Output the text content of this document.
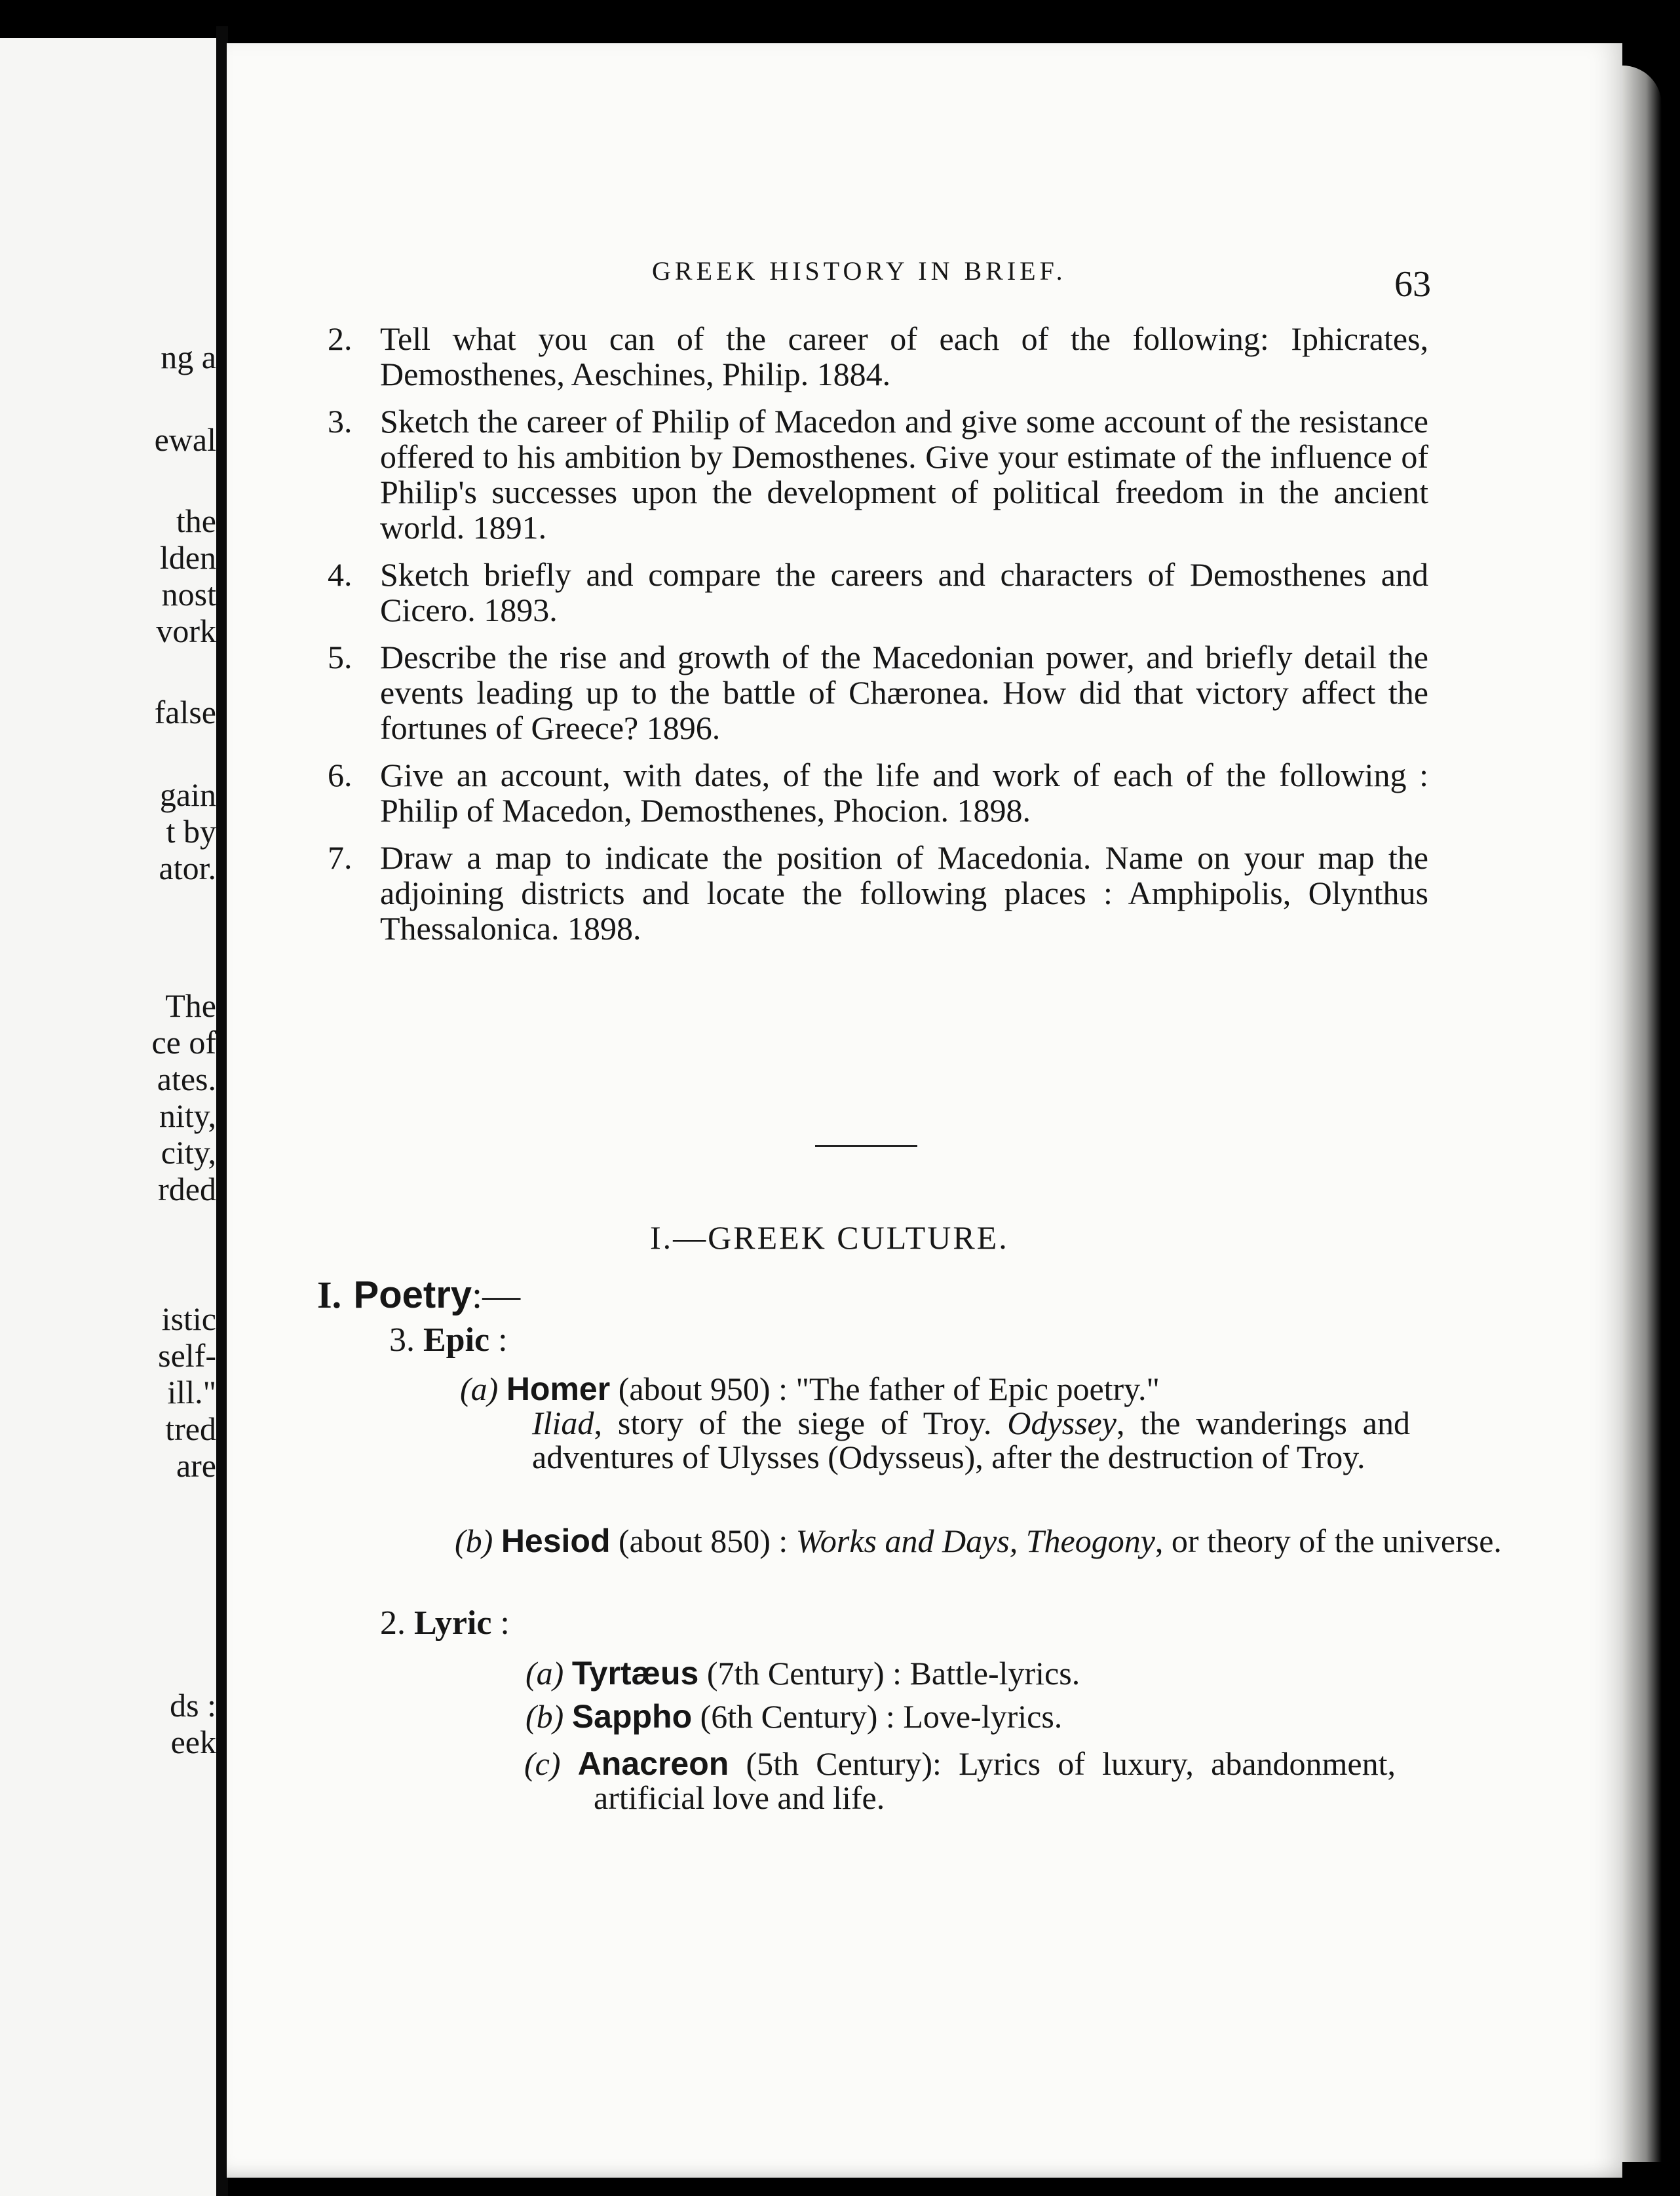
ng a
ewal
the
lden
nost
vork
false
gain
t by
ator.
The
ce of
ates.
nity,
city,
rded
istic
self-
ill."
tred
are
ds :
eek
GREEK HISTORY IN BRIEF.	63
2. Tell what you can of the career of each of the following: Iphicrates, Demosthenes, Aeschines, Philip. 1884.
3. Sketch the career of Philip of Macedon and give some account of the resistance offered to his ambition by Demosthenes. Give your estimate of the influence of Philip's successes upon the development of political freedom in the ancient world. 1891.
4. Sketch briefly and compare the careers and characters of Demosthenes and Cicero. 1893.
5. Describe the rise and growth of the Macedonian power, and briefly detail the events leading up to the battle of Chæronea. How did that victory affect the fortunes of Greece? 1896.
6. Give an account, with dates, of the life and work of each of the following : Philip of Macedon, Demosthenes, Phocion. 1898.
7. Draw a map to indicate the position of Macedonia. Name on your map the adjoining districts and locate the following places : Amphipolis, Olynthus Thessalonica. 1898.
I.—GREEK CULTURE.
I. Poetry:—
3. Epic :
(a) Homer (about 950) : "The father of Epic poetry."
Iliad, story of the siege of Troy. Odyssey, the wanderings and adventures of Ulysses (Odysseus), after the destruction of Troy.
(b) Hesiod (about 850) : Works and Days, Theogony, or theory of the universe.
2. Lyric :
(a) Tyrtæus (7th Century) : Battle-lyrics.
(b) Sappho (6th Century) : Love-lyrics.
(c) Anacreon (5th Century): Lyrics of luxury, abandonment, artificial love and life.
